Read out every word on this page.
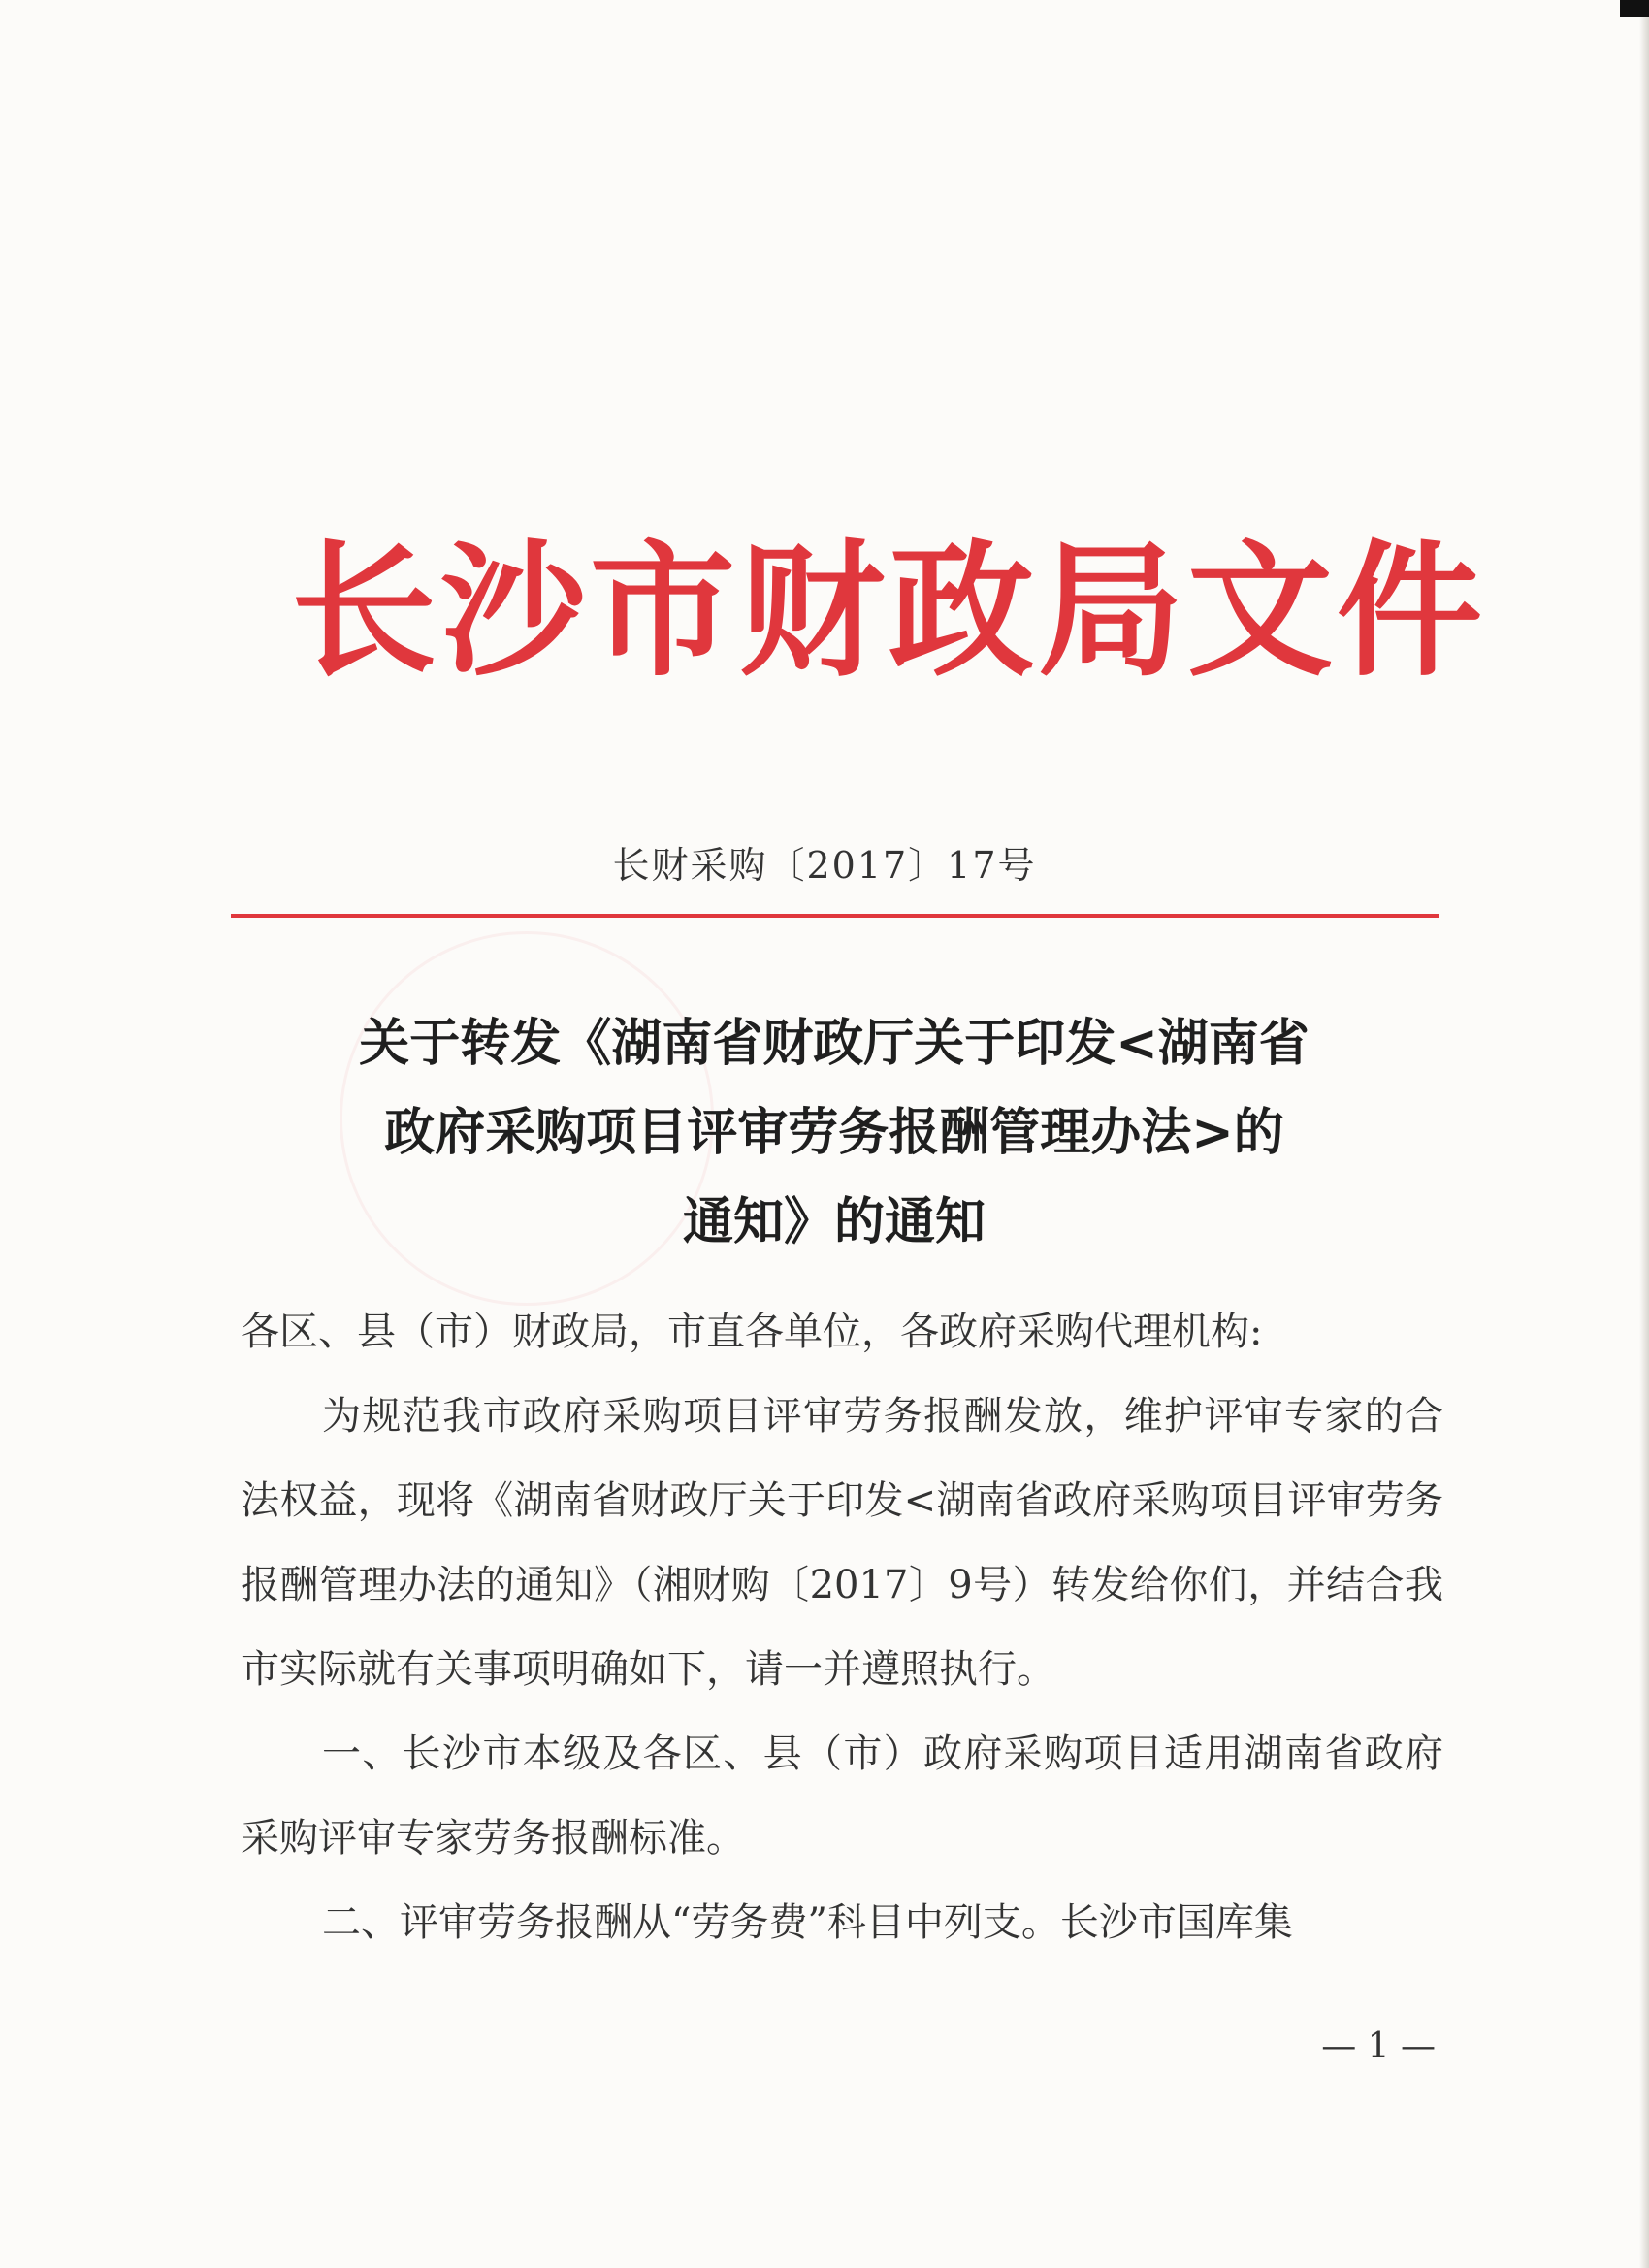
长沙市财政局文件
长财采购〔2017〕17号
关于转发《湖南省财政厅关于印发<湖南省
政府采购项目评审劳务报酬管理办法>的
通知》的通知

各区、县（市）财政局，市直各单位，各政府采购代理机构:

为规范我市政府采购项目评审劳务报酬发放，维护评审专家的合法权益，现将《湖南省财政厅关于印发<湖南省政府采购项目评审劳务报酬管理办法的通知》（湘财购〔2017〕9号）转发给你们，并结合我市实际就有关事项明确如下，请一并遵照执行。

一、长沙市本级及各区、县（市）政府采购项目适用湖南省政府采购评审专家劳务报酬标准。

二、评审劳务报酬从“劳务费”科目中列支。长沙市国库集

— 1 —
